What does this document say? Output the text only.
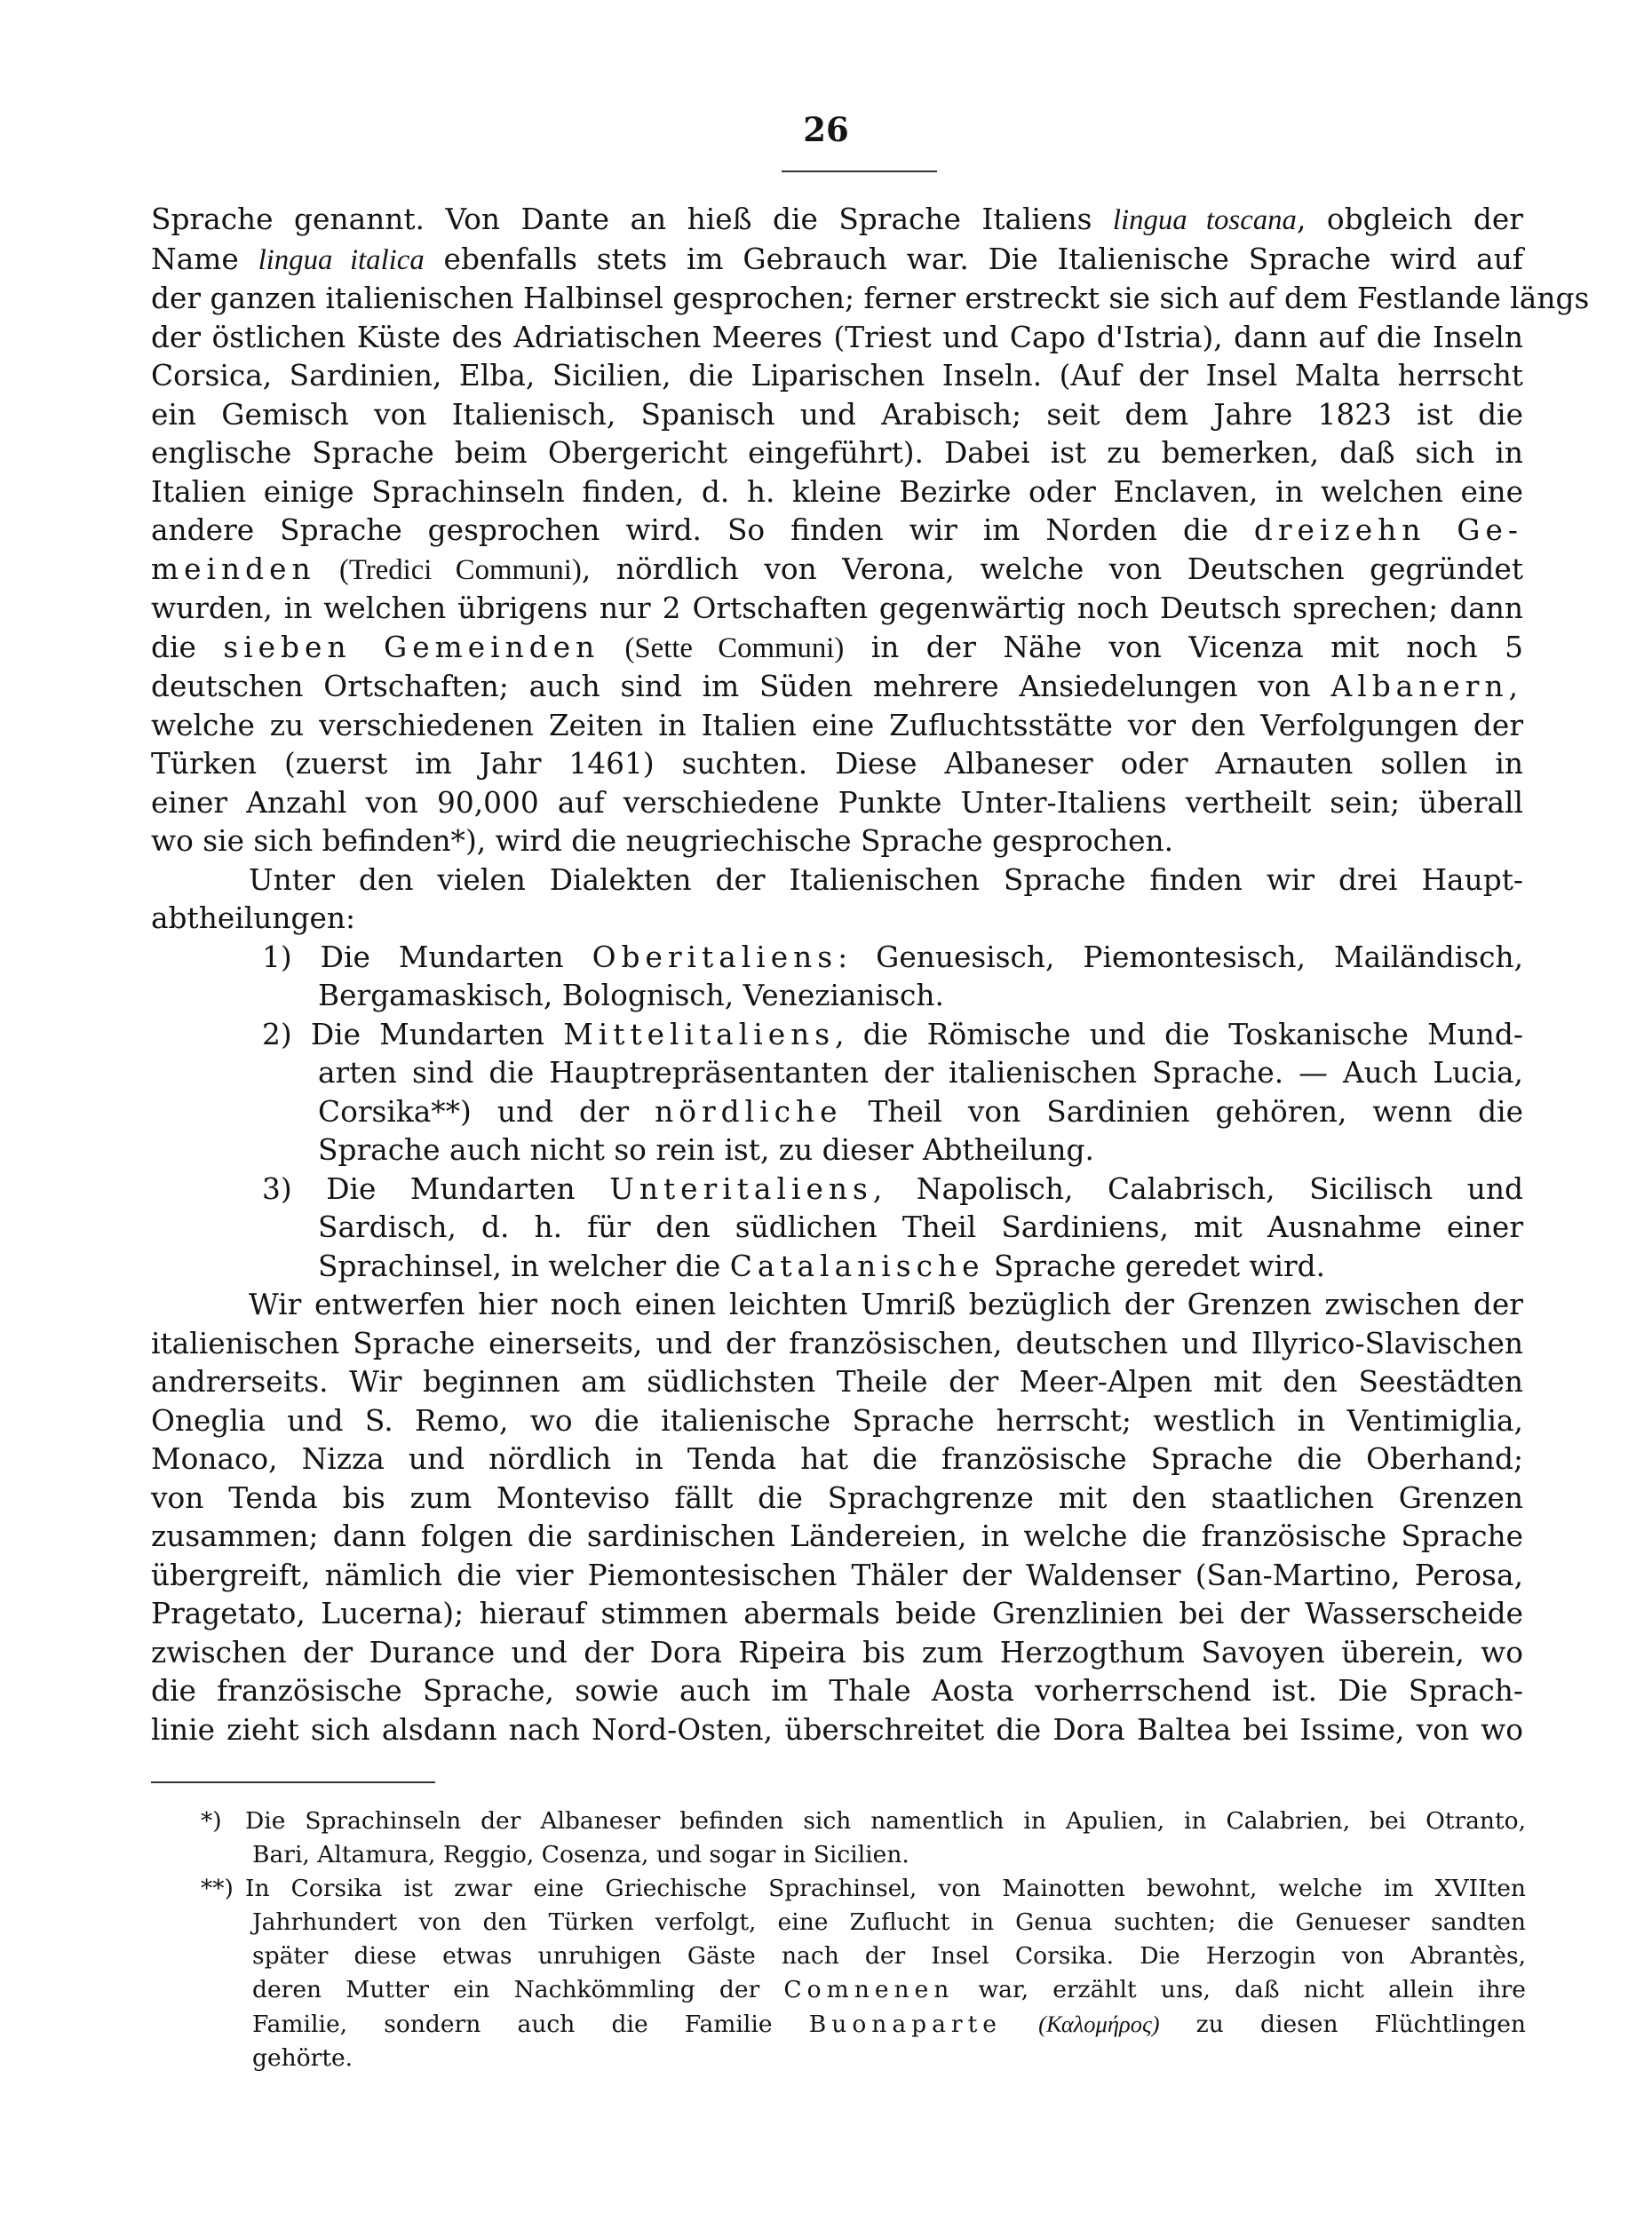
26
Sprache genannt. Von Dante an hieß die Sprache Italiens lingua toscana, obgleich der
Name lingua italica ebenfalls stets im Gebrauch war. Die Italienische Sprache wird auf
der ganzen italienischen Halbinsel gesprochen; ferner erstreckt sie sich auf dem Festlande längs
der östlichen Küste des Adriatischen Meeres (Triest und Capo d'Istria), dann auf die Inseln
Corsica, Sardinien, Elba, Sicilien, die Liparischen Inseln. (Auf der Insel Malta herrscht
ein Gemisch von Italienisch, Spanisch und Arabisch; seit dem Jahre 1823 ist die
englische Sprache beim Obergericht eingeführt). Dabei ist zu bemerken, daß sich in
Italien einige Sprachinseln finden, d. h. kleine Bezirke oder Enclaven, in welchen eine
andere Sprache gesprochen wird. So finden wir im Norden die dreizehn Ge-
meinden (Tredici Communi), nördlich von Verona, welche von Deutschen gegründet
wurden, in welchen übrigens nur 2 Ortschaften gegenwärtig noch Deutsch sprechen; dann
die sieben Gemeinden (Sette Communi) in der Nähe von Vicenza mit noch 5
deutschen Ortschaften; auch sind im Süden mehrere Ansiedelungen von Albanern,
welche zu verschiedenen Zeiten in Italien eine Zufluchtsstätte vor den Verfolgungen der
Türken (zuerst im Jahr 1461) suchten. Diese Albaneser oder Arnauten sollen in
einer Anzahl von 90,000 auf verschiedene Punkte Unter-Italiens vertheilt sein; überall
wo sie sich befinden*), wird die neugriechische Sprache gesprochen.
Unter den vielen Dialekten der Italienischen Sprache finden wir drei Haupt-
abtheilungen:
1) Die Mundarten Oberitaliens: Genuesisch, Piemontesisch, Mailändisch,
Bergamaskisch, Bolognisch, Venezianisch.
2) Die Mundarten Mittelitaliens, die Römische und die Toskanische Mund-
arten sind die Hauptrepräsentanten der italienischen Sprache. — Auch Lucia,
Corsika**) und der nördliche Theil von Sardinien gehören, wenn die
Sprache auch nicht so rein ist, zu dieser Abtheilung.
3) Die Mundarten Unteritaliens, Napolisch, Calabrisch, Sicilisch und
Sardisch, d. h. für den südlichen Theil Sardiniens, mit Ausnahme einer
Sprachinsel, in welcher die Catalanische Sprache geredet wird.
Wir entwerfen hier noch einen leichten Umriß bezüglich der Grenzen zwischen der
italienischen Sprache einerseits, und der französischen, deutschen und Illyrico-Slavischen
andrerseits. Wir beginnen am südlichsten Theile der Meer-Alpen mit den Seestädten
Oneglia und S. Remo, wo die italienische Sprache herrscht; westlich in Ventimiglia,
Monaco, Nizza und nördlich in Tenda hat die französische Sprache die Oberhand;
von Tenda bis zum Montevisо fällt die Sprachgrenze mit den staatlichen Grenzen
zusammen; dann folgen die sardinischen Ländereien, in welche die französische Sprache
übergreift, nämlich die vier Piemontesischen Thäler der Waldenser (San-Martino, Perosa,
Pragetato, Lucerna); hierauf stimmen abermals beide Grenzlinien bei der Wasserscheide
zwischen der Durance und der Dora Ripeira bis zum Herzogthum Savoyen überein, wo
die französische Sprache, sowie auch im Thale Aosta vorherrschend ist. Die Sprach-
linie zieht sich alsdann nach Nord-Osten, überschreitet die Dora Baltea bei Issime, von wo
*) Die Sprachinseln der Albaneser befinden sich namentlich in Apulien, in Calabrien, bei Otranto,
Bari, Altamura, Reggio, Cosenza, und sogar in Sicilien.
**) In Corsika ist zwar eine Griechische Sprachinsel, von Mainotten bewohnt, welche im XVIIten
Jahrhundert von den Türken verfolgt, eine Zuflucht in Genua suchten; die Genueser sandten
später diese etwas unruhigen Gäste nach der Insel Corsika. Die Herzogin von Abrantès,
deren Mutter ein Nachkömmling der Comnenen war, erzählt uns, daß nicht allein ihre
Familie, sondern auch die Familie Buonaparte (Καλομήρος) zu diesen Flüchtlingen
gehörte.
